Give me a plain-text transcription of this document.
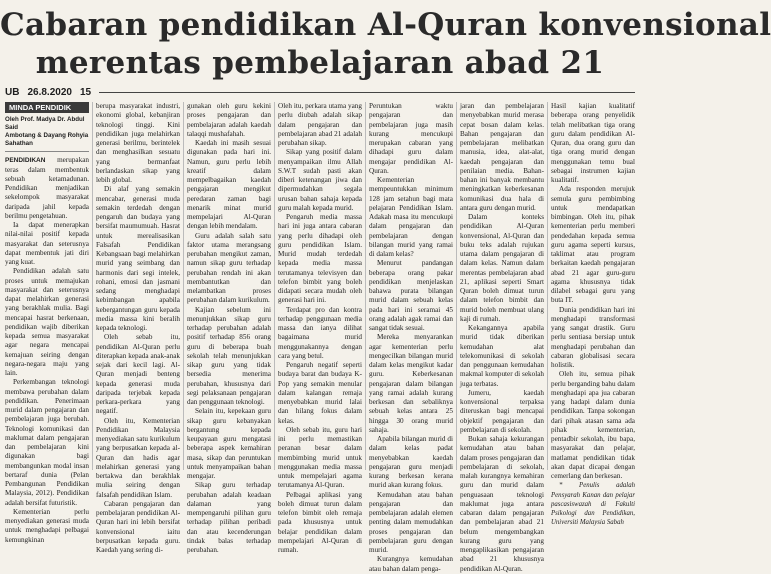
Cabaran pendidikan Al-Quran konvensional
merentas pembelajaran abad 21
UB 26.8.2020 15
MINDA PENDIDIK
Oleh Prof. Madya Dr. Abdul Said
Ambotang & Dayang Rohyia
Sahathan

PENDIDIKAN merupakan teras dalam membentuk sebuah ketamadunan. Pendidikan menjadikan sekelompok masyarakat daripada jahil kepada berilmu pengetahuan.

Ia dapat menerapkan nilai-nilai positif kepada masyarakat dan seterusnya dapat membentuk jati diri yang kuat.

Pendidikan adalah satu proses untuk memajukan masyarakat dan seterusnya dapat melahirkan generasi yang berakhlak mulia. Bagi mencapai hasrat berkenaan, pendidikan wajib diberikan kepada semua masyarakat agar negara mencapai kemajuan seiring dengan negara-negara maju yang lain.

Perkembangan teknologi membawa perubahan dalam pendidikan. Penerimaan murid dalam pengajaran dan pembelajaran juga berubah. Teknologi komunikasi dan maklumat dalam pengajaran dan pembelajaran kini digunakan bagi membangunkan modal insan bertaraf dunia (Pelan Pembangunan Pendidikan Malaysia, 2012). Pendidikan adalah bersifat futuristik.

Kementerian perlu menyediakan generasi muda untuk menghadapi pelbagai kemungkinan

berupa masyarakat industri, ekonomi global, kebanjiran teknologi tinggi. Kini pendidikan juga melahirkan generasi berilmu, berintelek dan menghasilkan sesuatu yang bermanfaat berlandaskan sikap yang lebih global.

Di alaf yang semakin mencabar, generasi muda semakin terdedah dengan pengaruh dan budaya yang bersifat maumumuah. Hasrat untuk merealisasikan Falsafah Pendidikan Kebangsaan bagi melahirkan murid yang seimbang dan harmonis dari segi intelek, rohani, emosi dan jasmani sedang menghadapi kebimbangan apabila kebergantungan guru kepada media massa kini beralih kepada teknologi.

Oleh sebab itu, pendidikan Al-Quran perlu diterapkan kepada anak-anak sejak dari kecil lagi. Al-Quran menjadi benteng kepada generasi muda daripada terjebak kepada perkara-perkara yang negatif.

Oleh itu, Kementerian Pendidikan Malaysia menyediakan satu kurikulum yang berpusatkan kepada al-Quran dan hadis agar melahirkan generasi yang bertakwa dan berakhlak mulia seiring dengan falsafah pendidikan Islam.

Cabaran pengajaran dan pembelajaran pendidikan Al-Quran hari ini lebih bersifat konvensional iaitu berpusatkan kepada guru. Kaedah yang sering di-

gunakan oleh guru kekini proses pengajaran dan pembelajaran adalah kaedah talaqqi mushafahah.

Kaedah ini masih sesuai digunakan pada hari ini. Namun, guru perlu lebih kreatif dalam mempelbagaikan kaedah pengajaran mengikut peredaran zaman bagi menarik minat murid mempelajari Al-Quran dengan lebih mendalam.

Guru adalah salah satu faktor utama merangsang perubahan mengikut zaman, namun sikap guru terhadap perubahan rendah ini akan membantutkan dan melambatkan proses perubahan dalam kurikulum.

Kajian sebelum ini menunjukkan sikap guru terhadap perubahan adalah positif terhadap 856 orang guru di beberapa buah sekolah telah menunjukkan sikap guru yang tidak bersedia menerima perubahan, khususnya dari segi pelaksanaan pengajaran dan penggunaan teknologi.

Selain itu, kepekaan guru sikap guru kebanyakan bergantung kepada keupayaan guru mengatasi beberapa aspek kemahiran masa, sikap dan peruntukan untuk menyampaikan bahan mengajar.

Sikap guru terhadap perubahan adalah keadaan dalaman yang mempengaruhi pilihan guru terhadap pilihan peribadi dan atau kecenderungan tindak balas terhadap perubahan.

Oleh itu, perkara utama yang perlu diubah adalah sikap dalam pengajaran dan pembelajaran abad 21 adalah perubahan sikap.

Sikap yang positif dalam menyampaikan ilmu Allah S.W.T sudah pasti akan diberi ketenangan jiwa dan dipermudahkan segala urusan bahan sahaja kepada guru malah kepada murid.

Pengaruh media massa hari ini juga antara cabaran yang perlu dihadapi oleh guru pendidikan Islam. Murid mudah terdedah kepada media massa terutamanya televisyen dan telefon bimbit yang boleh didapati secara mudah oleh generasi hari ini.

Terdapat pro dan kontra terhadap penggunaan media massa dan ianya dilihat bagaimana murid menggunakannya dengan cara yang betul.

Pengaruh negatif seperti budaya barat dan budaya K-Pop yang semakin menular dalam kalangan remaja menyebabkan murid lalai dan hilang fokus dalam kelas.

Oleh sebab itu, guru hari ini perlu memastikan peranan besar dalam membimbing murid untuk menggunakan media massa untuk mempelajari agama terutamanya Al-Quran.

Pelbagai aplikasi yang boleh dimuat turun dalam telefon bimbit oleh remaja pada khususnya untuk belajar pendidikan dalam mempelajari Al-Quran di rumah.

Peruntukan waktu pengajaran dan pembelajaran juga masih kurang mencukupi merupakan cabaran yang dihadapi guru dalam mengajar pendidikan Al-Quran.

Kementerian mempeuntukkan minimum 128 jam setahun bagi mata pelajaran Pendidikan Islam. Adakah masa itu mencukupi dalam pengajaran dan pembelajaran dengan bilangan murid yang ramai di dalam kelas?

Menurut pandangan beberapa orang pakar pendidikan menjelaskan bahawa purata bilangan murid dalam sebuah kelas pada hari ini seramai 45 orang adalah agak ramai dan sangat tidak sesuai.

Mereka menyarankan agar kementerian perlu mengecilkan bilangan murid dalam kelas mengikut kadar guru. Keberkesanan pengajaran dalam bilangan yang ramai adalah kurang berkesan dan sebaliknya sebuah kelas antara 25 hingga 30 orang murid sahaja.

Apabila bilangan murid di dalam kelas padat menyebabkan kaedah pengajaran guru menjadi kurang berkesan kerana murid akan kurang fokus.

Kemudahan atau bahan pengajaran dan pembelajaran adalah elemen penting dalam memudahkan proses pengajaran dan pembelajaran guru dengan murid.

Kurangnya kemudahan atau bahan dalam penga-

jaran dan pembelajaran menyebabkan murid merasa cepat bosan dalam kelas. Bahan pengajaran dan pembelajaran melibatkan manusia, idea, alat-alat, kaedah pengajaran dan penilaian media. Bahan-bahan ini banyak membantu meningkatkan keberkesanan komunikasi dua hala di antara guru dengan murid.

Dalam konteks pendidikan Al-Quran konvensional, Al-Quran dan buku teks adalah rujukan utama dalam pengajaran di dalam kelas. Namun dalam merentas pembelajaran abad 21, aplikasi seperti Smart Quran boleh dimuat turun dalam telefon bimbit dan murid boleh membuat ulang kaji di rumah.

Kekangannya apabila murid tidak diberikan kemudahan alat telekomunikasi di sekolah dan penggunaan kemudahan makmal komputer di sekolah juga terbatas.

Jumeru, kaedah konvensional terpaksa diteruskan bagi mencapai objektif pengajaran dan pembelajaran di sekolah.

Bukan sahaja kekurangan kemudahan atau bahan dalam proses pengajaran dan pembelajaran di sekolah, malah kurangnya kemahiran guru dan murid dalam penguasaan teknologi maklumat juga antara cabaran dalam pengajaran dan pembelajaran abad 21 belum mengembangkan kurang guru yang mengaplikasikan pengajaran abad 21 khususnya pendidikan Al-Quran.

Hasil kajian kualitatif beberapa orang penyelidik telah melibatkan tiga orang guru dalam pendidikan Al-Quran, dua orang guru dan tiga orang murid dengan menggunakan temu bual sebagai instrumen kajian kualitatif.

Ada responden merujuk semula guru pembimbing untuk mendapatkan bimbingan. Oleh itu, pihak kementerian perlu memberi pendedahan kepada semua guru agama seperti kursus, taklimat atau program berkaitan kaedah pengajaran abad 21 agar guru-guru agama khususnya tidak dilabel sebagai guru yang buta IT.

Dunia pendidikan hari ini menghadapi transformasi yang sangat drastik. Guru perlu sentiasa bersiap untuk menghadapi perubahan dan cabaran globalisasi secara holistik.

Oleh itu, semua pihak perlu berganding bahu dalam menghadapi apa jua cabaran yang hadapi dalam dunia pendidikan. Tanpa sokongan dari pihak atasan sama ada pihak kementerian, pentadbir sekolah, ibu bapa, masyarakat dan pelajar, matlamat pendidikan tidak akan dapat dicapai dengan cemerlang dan berkesan.

* Penulis adalah Pensyarah Kanan dan pelajar pascasiswazah di Fakulti Psikologi dan Pendidikan, Universiti Malaysia Sabah
